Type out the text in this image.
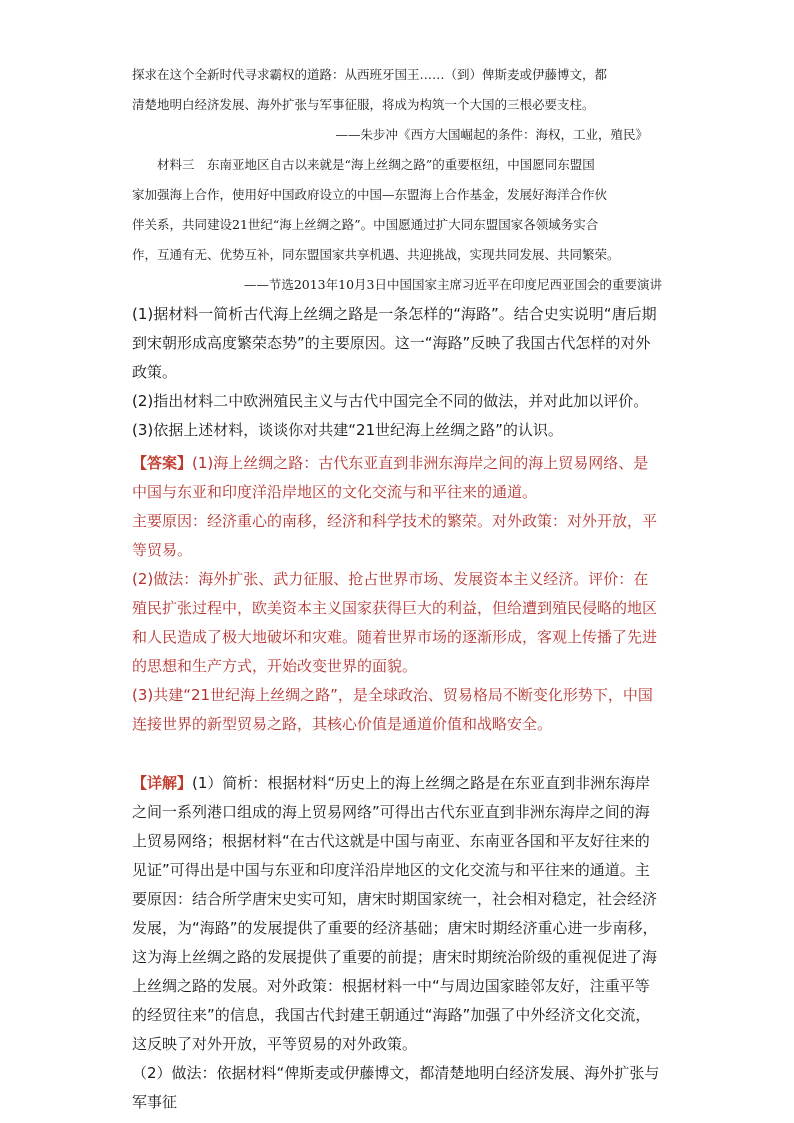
探求在这个全新时代寻求霸权的道路：从西班牙国王……（到）俾斯麦或伊藤博文，都

清楚地明白经济发展、海外扩张与军事征服，将成为构筑一个大国的三根必要支柱。

——朱步冲《西方大国崛起的条件：海权，工业，殖民》

材料三　东南亚地区自古以来就是“海上丝绸之路”的重要枢纽，中国愿同东盟国

家加强海上合作，使用好中国政府设立的中国—东盟海上合作基金，发展好海洋合作伙

伴关系，共同建设21世纪“海上丝绸之路”。中国愿通过扩大同东盟国家各领域务实合

作，互通有无、优势互补，同东盟国家共享机遇、共迎挑战，实现共同发展、共同繁荣。

——节选2013年10月3日中国国家主席习近平在印度尼西亚国会的重要演讲

(1)据材料一简析古代海上丝绸之路是一条怎样的“海路”。结合史实说明“唐后期到宋朝形成高度繁荣态势”的主要原因。这一“海路”反映了我国古代怎样的对外政策。

(2)指出材料二中欧洲殖民主义与古代中国完全不同的做法，并对此加以评价。

(3)依据上述材料，谈谈你对共建“21世纪海上丝绸之路”的认识。

【答案】(1)海上丝绸之路：古代东亚直到非洲东海岸之间的海上贸易网络、是中国与东亚和印度洋沿岸地区的文化交流与和平往来的通道。

主要原因：经济重心的南移，经济和科学技术的繁荣。对外政策：对外开放，平等贸易。

(2)做法：海外扩张、武力征服、抢占世界市场、发展资本主义经济。评价：在殖民扩张过程中，欧美资本主义国家获得巨大的利益，但给遭到殖民侵略的地区和人民造成了极大地破坏和灾难。随着世界市场的逐渐形成，客观上传播了先进的思想和生产方式，开始改变世界的面貌。

(3)共建“21世纪海上丝绸之路”，是全球政治、贸易格局不断变化形势下，中国连接世界的新型贸易之路，其核心价值是通道价值和战略安全。

【详解】(1）简析：根据材料“历史上的海上丝绸之路是在东亚直到非洲东海岸之间一系列港口组成的海上贸易网络”可得出古代东亚直到非洲东海岸之间的海上贸易网络；根据材料“在古代这就是中国与南亚、东南亚各国和平友好往来的见证”可得出是中国与东亚和印度洋沿岸地区的文化交流与和平往来的通道。主要原因：结合所学唐宋史实可知，唐宋时期国家统一，社会相对稳定，社会经济发展，为“海路”的发展提供了重要的经济基础；唐宋时期经济重心进一步南移，这为海上丝绸之路的发展提供了重要的前提；唐宋时期统治阶级的重视促进了海上丝绸之路的发展。对外政策：根据材料一中“与周边国家睦邻友好，注重平等的经贸往来”的信息，我国古代封建王朝通过“海路”加强了中外经济文化交流，这反映了对外开放，平等贸易的对外政策。

（2）做法：依据材料“俾斯麦或伊藤博文，都清楚地明白经济发展、海外扩张与军事征
